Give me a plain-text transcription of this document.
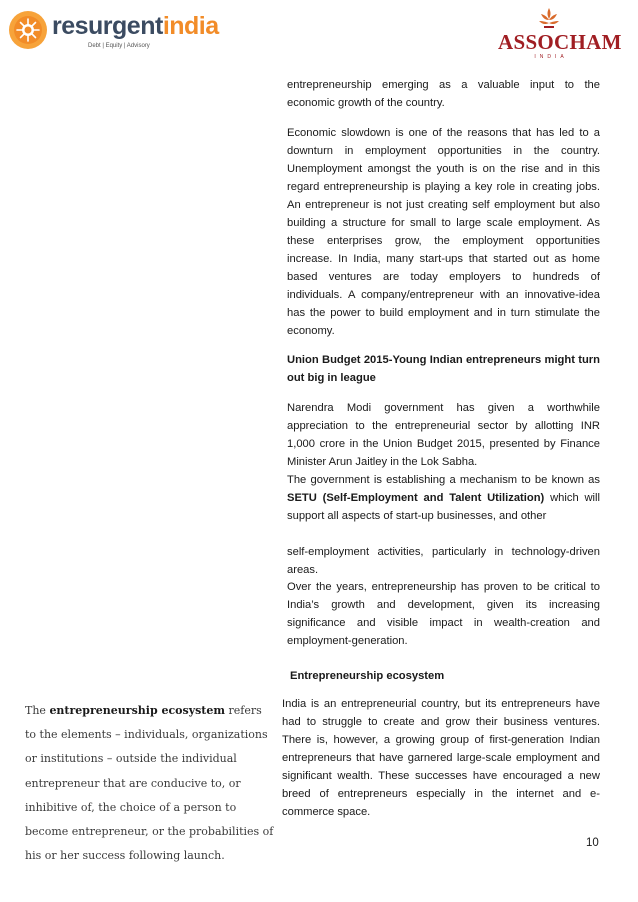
resurgentindia
Debt | Equity | Advisory	ASSOCHAM
INDIA

entrepreneurship emerging as a valuable input to the

economic growth of the country.

Economic slowdown is one of the reasons that has led to a downturn in employment opportunities in the country. Unemployment amongst the youth is on the rise and in this regard entrepreneurship is playing a key role in creating jobs. An entrepreneur is not just creating self employment but also building a structure for small to large scale employment. As these enterprises grow, the employment opportunities increase. In India, many start-ups that started out as home based ventures are today employers to hundreds of individuals. A company/entrepreneur with an innovative-idea has the power to build employment and in turn stimulate the economy.
Union Budget 2015-Young Indian entrepreneurs might turn out big in league
Narendra Modi government has given a worthwhile appreciation to the entrepreneurial sector by allotting INR 1,000 crore in the Union Budget 2015, presented by Finance Minister Arun Jaitley in the Lok Sabha.
The government is establishing a mechanism to be known as SETU (Self-Employment and Talent Utilization) which will support all aspects of start-up businesses, and other
self-employment activities, particularly in technology-driven areas.
Over the years, entrepreneurship has proven to be critical to India’s growth and development, given its increasing significance and visible impact in wealth-creation and employment-generation.
Entrepreneurship ecosystem
India is an entrepreneurial country, but its entrepreneurs have had to struggle to create and grow their business ventures. There is, however, a growing group of first-generation Indian entrepreneurs that have garnered large-scale employment and significant wealth. These successes have encouraged a new breed of entrepreneurs especially in the internet and e-commerce space.
The entrepreneurship ecosystem refers to the elements – individuals, organizations or institutions – outside the individual entrepreneur that are conducive to, or inhibitive of, the choice of a person to become entrepreneur, or the probabilities of his or her success following launch.
10
